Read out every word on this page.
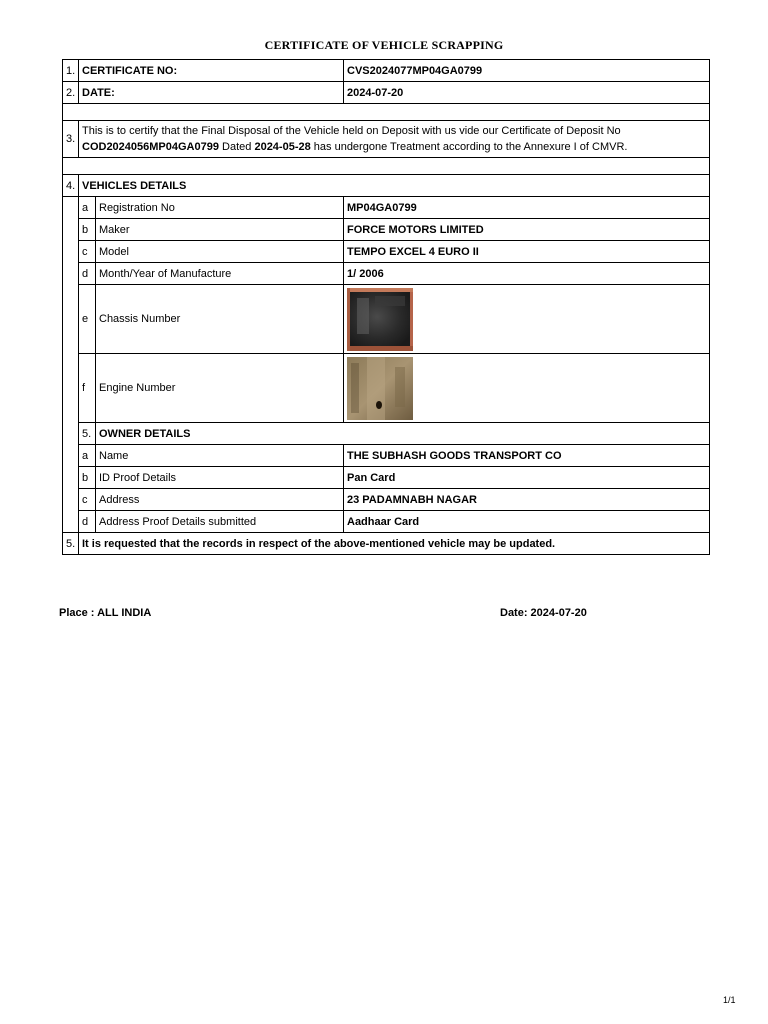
CERTIFICATE OF VEHICLE SCRAPPING
1.	CERTIFICATE NO:		CVS2024077MP04GA0799
2.	DATE:		2024-07-20

3.	This is to certify that the Final Disposal of the Vehicle held on Deposit with us vide our Certificate of Deposit No
COD2024056MP04GA0799 Dated 2024-05-28 has undergone Treatment according to the Annexure I of CMVR.		

4.	VEHICLES DETAILS		
	a	Registration No	MP04GA0799
	b	Maker	FORCE MOTORS LIMITED
	c	Model	TEMPO EXCEL 4 EURO II
	d	Month/Year of Manufacture	1/ 2006
	e	Chassis Number	

	f	Engine Number	

	5.	OWNER DETAILS	
	a	Name	THE SUBHASH GOODS TRANSPORT CO
	b	ID Proof Details	Pan Card
	c	Address	23 PADAMNABH NAGAR
	d	Address Proof Details submitted	Aadhaar Card
5.	It is requested that the records in respect of the above-mentioned vehicle may be updated.		
Place : ALL INDIA	Date: 2024-07-20
1/1
